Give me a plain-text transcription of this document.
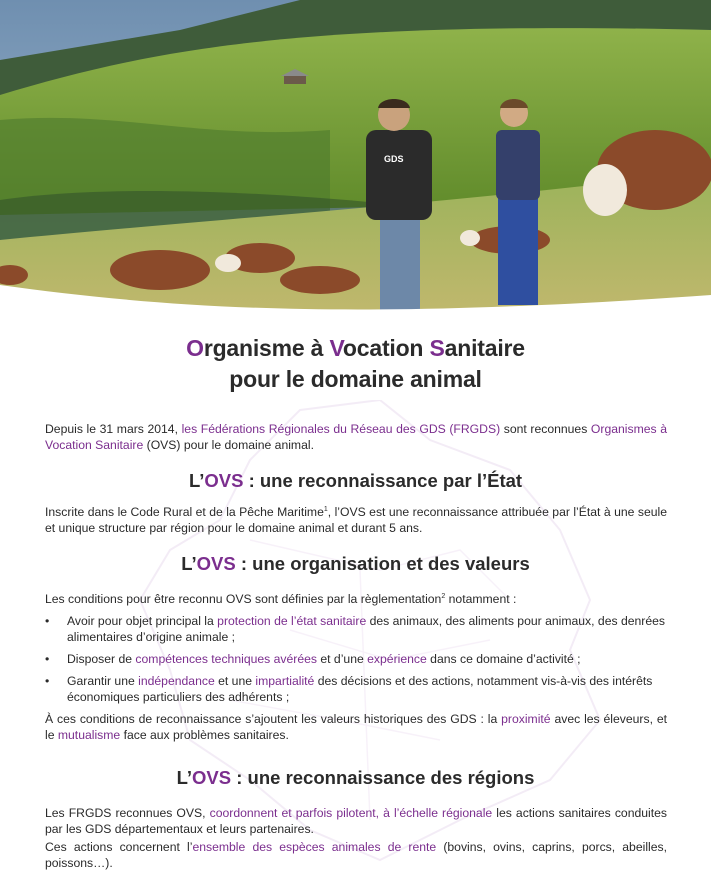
GDS
Organisme à Vocation Sanitaire
pour le domaine animal
Depuis le 31 mars 2014, les Fédérations Régionales du Réseau des GDS (FRGDS) sont reconnues Organismes à Vocation Sanitaire (OVS) pour le domaine animal.
L’OVS : une reconnaissance par l’État
Inscrite dans le Code Rural et de la Pêche Maritime$^1$, l’OVS est une reconnaissance attribuée par l’État à une seule et unique structure par région pour le domaine animal et durant 5 ans.
L’OVS : une organisation et des valeurs
Les conditions pour être reconnu OVS sont définies par la règlementation$^2$ notamment :
• Avoir pour objet principal la protection de l’état sanitaire des animaux, des aliments pour animaux, des denrées alimentaires d’origine animale ;
• Disposer de compétences techniques avérées et d’une expérience dans ce domaine d’activité ;
• Garantir une indépendance et une impartialité des décisions et des actions, notamment vis-à-vis des intérêts économiques particuliers des adhérents ;
À ces conditions de reconnaissance s’ajoutent les valeurs historiques des GDS : la proximité avec les éleveurs, et le mutualisme face aux problèmes sanitaires.
L’OVS : une reconnaissance des régions
Les FRGDS reconnues OVS, coordonnent et parfois pilotent, à l’échelle régionale les actions sanitaires conduites par les GDS départementaux et leurs partenaires.
Ces actions concernent l’ensemble des espèces animales de rente (bovins, ovins, caprins, porcs, abeilles, poissons…).
